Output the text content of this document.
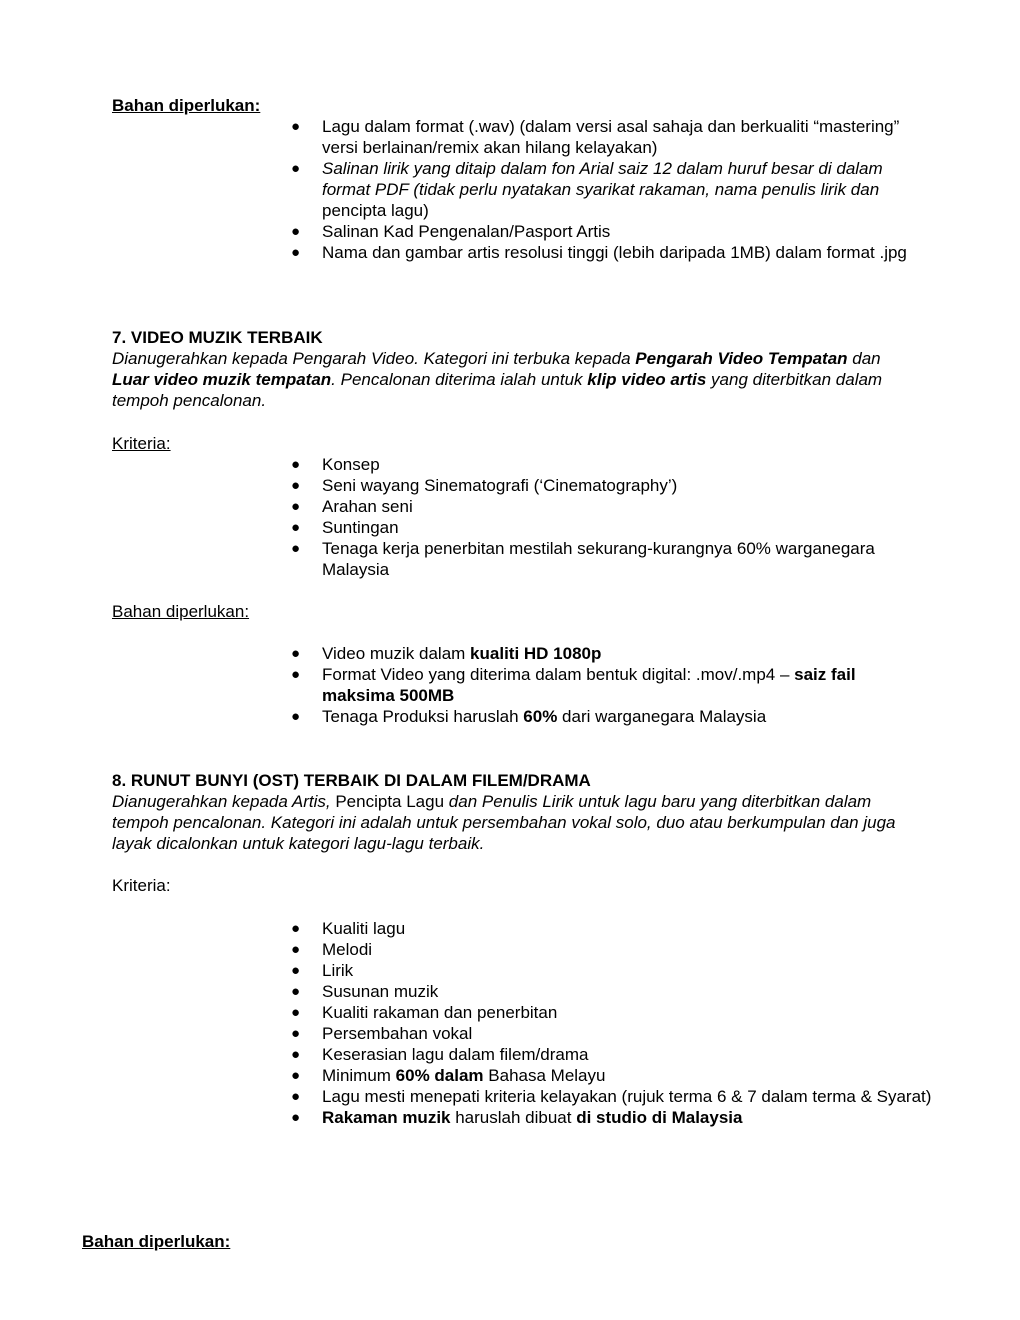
Bahan diperlukan:
● Lagu dalam format (.wav) (dalam versi asal sahaja dan berkualiti “mastering” versi berlainan/remix akan hilang kelayakan)
● Salinan lirik yang ditaip dalam fon Arial saiz 12 dalam huruf besar di dalam format PDF (tidak perlu nyatakan syarikat rakaman, nama penulis lirik dan pencipta lagu)
● Salinan Kad Pengenalan/Pasport Artis
● Nama dan gambar artis resolusi tinggi (lebih daripada 1MB) dalam format .jpg
7. VIDEO MUZIK TERBAIK
Dianugerahkan kepada Pengarah Video. Kategori ini terbuka kepada Pengarah Video Tempatan dan Luar video muzik tempatan. Pencalonan diterima ialah untuk klip video artis yang diterbitkan dalam tempoh pencalonan.
Kriteria:
● Konsep
● Seni wayang Sinematografi (‘Cinematography’)
● Arahan seni
● Suntingan
● Tenaga kerja penerbitan mestilah sekurang-kurangnya 60% warganegara Malaysia
Bahan diperlukan:
● Video muzik dalam kualiti HD 1080p
● Format Video yang diterima dalam bentuk digital: .mov/.mp4 – saiz fail maksima 500MB
● Tenaga Produksi haruslah 60% dari warganegara Malaysia
8. RUNUT BUNYI (OST) TERBAIK DI DALAM FILEM/DRAMA
Dianugerahkan kepada Artis, Pencipta Lagu dan Penulis Lirik untuk lagu baru yang diterbitkan dalam tempoh pencalonan. Kategori ini adalah untuk persembahan vokal solo, duo atau berkumpulan dan juga layak dicalonkan untuk kategori lagu-lagu terbaik.
Kriteria:
● Kualiti lagu
● Melodi
● Lirik
● Susunan muzik
● Kualiti rakaman dan penerbitan
● Persembahan vokal
● Keserasian lagu dalam filem/drama
● Minimum 60% dalam Bahasa Melayu
● Lagu mesti menepati kriteria kelayakan (rujuk terma 6 & 7 dalam terma & Syarat)
● Rakaman muzik haruslah dibuat di studio di Malaysia
Bahan diperlukan:
